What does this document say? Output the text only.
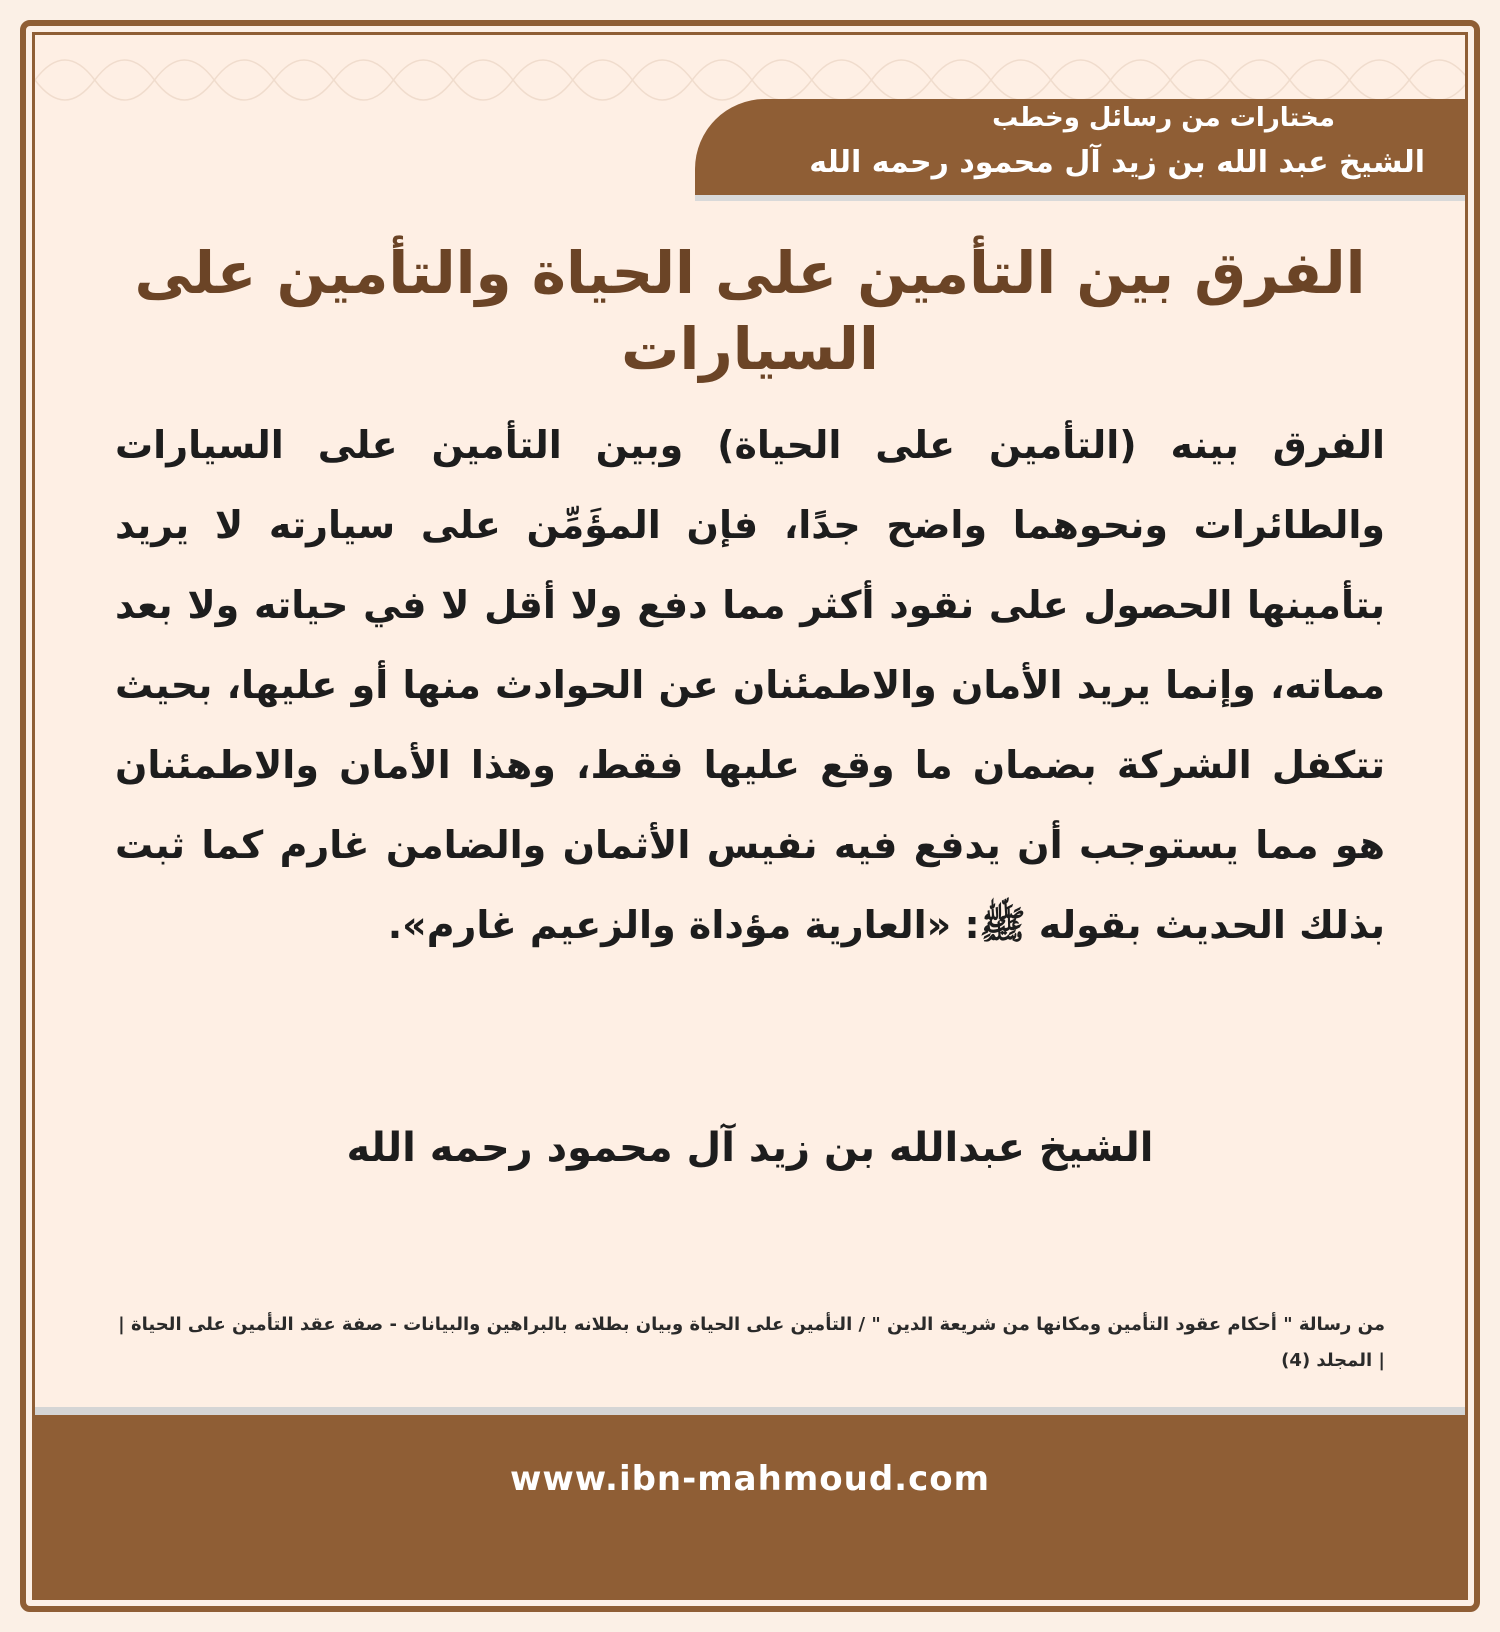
مختارات من رسائل وخطب
الشيخ عبد الله بن زيد آل محمود رحمه الله
الفرق بين التأمين على الحياة والتأمين على السيارات
الفرق بينه (التأمين على الحياة) وبين التأمين على السيارات والطائرات ونحوهما واضح جدًا، فإن المؤَمِّن على سيارته لا يريد بتأمينها الحصول على نقود أكثر مما دفع ولا أقل لا في حياته ولا بعد مماته، وإنما يريد الأمان والاطمئنان عن الحوادث منها أو عليها، بحيث تتكفل الشركة بضمان ما وقع عليها فقط، وهذا الأمان والاطمئنان هو مما يستوجب أن يدفع فيه نفيس الأثمان والضامن غارم كما ثبت بذلك الحديث بقوله ﷺ: «العارية مؤداة والزعيم غارم».
الشيخ عبدالله بن زيد آل محمود رحمه الله
من رسالة " أحكام عقود التأمين ومكانها من شريعة الدين " / التأمين على الحياة وبيان بطلانه بالبراهين والبيانات - صفة عقد التأمين على الحياة | | المجلد (4)
www.ibn-mahmoud.com
